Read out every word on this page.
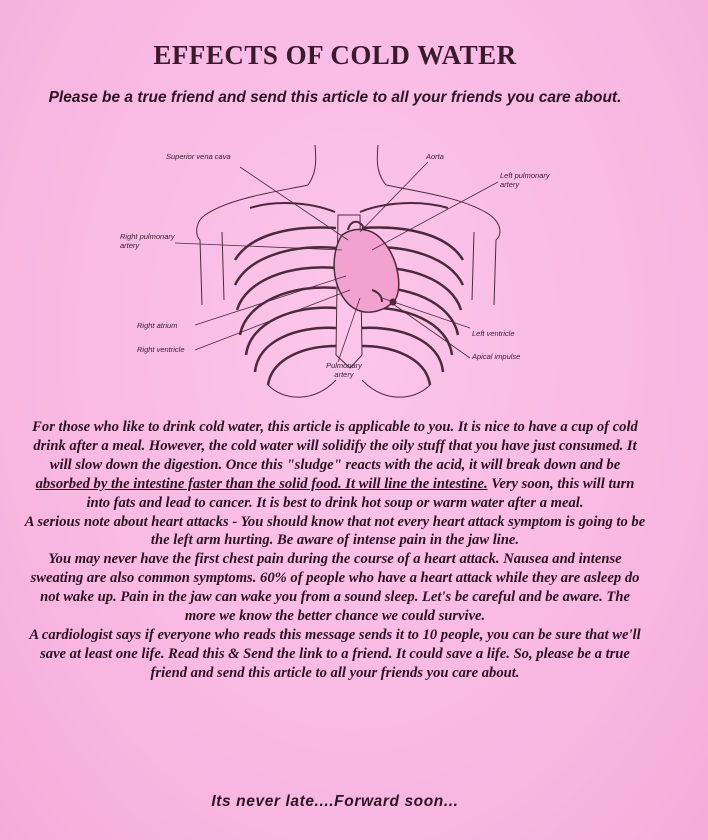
EFFECTS OF COLD WATER
Please be a true friend and send this article to all your friends you care about.
Superior vena cava	Aorta
Left pulmonary artery
Right pulmonary artery
Right atrium
Right ventricle
Left ventricle
Apical impulse
Pulmonary artery

For those who like to drink cold water, this article is applicable to you. It is nice to have a cup of cold drink after a meal. However, the cold water will solidify the oily stuff that you have just consumed. It will slow down the digestion. Once this "sludge" reacts with the acid, it will break down and be absorbed by the intestine faster than the solid food. It will line the intestine. Very soon, this will turn into fats and lead to cancer. It is best to drink hot soup or warm water after a meal.

A serious note about heart attacks - You should know that not every heart attack symptom is going to be the left arm hurting. Be aware of intense pain in the jaw line.

You may never have the first chest pain during the course of a heart attack. Nausea and intense sweating are also common symptoms. 60% of people who have a heart attack while they are asleep do not wake up. Pain in the jaw can wake you from a sound sleep. Let's be careful and be aware. The more we know the better chance we could survive.

A cardiologist says if everyone who reads this message sends it to 10 people, you can be sure that we'll save at least one life. Read this & Send the link to a friend. It could save a life. So, please be a true friend and send this article to all your friends you care about.

Its never late....Forward soon...
